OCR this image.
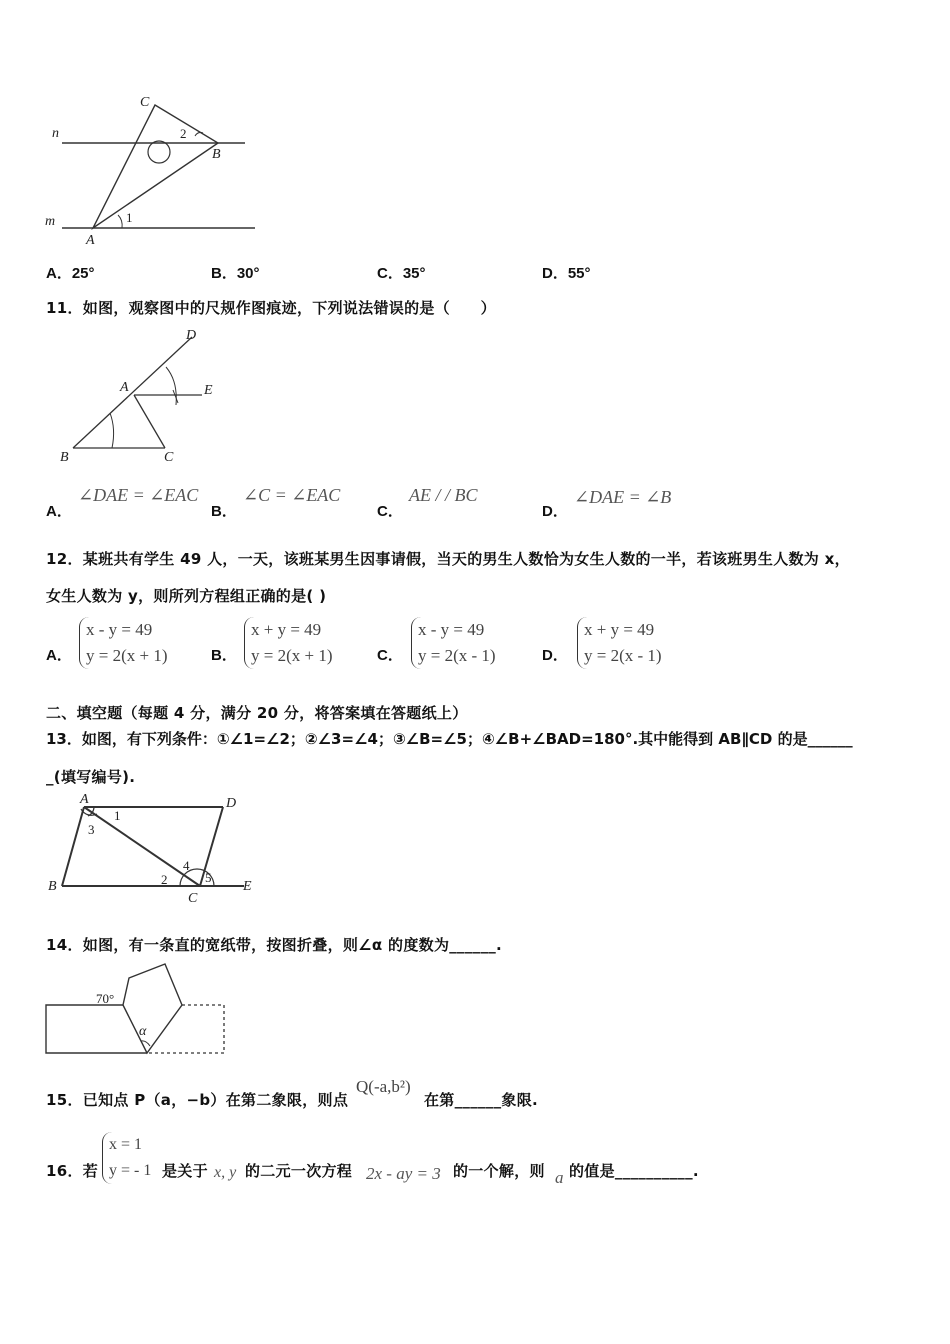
C
B
A
n
m	1
2
A．25°	B．30°	C．35°	D．55°
11．如图，观察图中的尺规作图痕迹，下列说法错误的是（　　）
D
A	E
B	C
A．
∠DAE = ∠EAC
B．
∠C = ∠EAC
C．
AE / / BC
D．
∠DAE = ∠B
12．某班共有学生 49 人，一天，该班某男生因事请假，当天的男生人数恰为女生人数的一半，若该班男生人数为 x，
女生人数为 y，则所列方程组正确的是( )
A．
x - y = 49
y = 2(x + 1)	B．
x + y = 49
y = 2(x + 1)	C．
x - y = 49
y = 2(x - 1)	D．
x + y = 49
y = 2(x - 1)
二、填空题（每题 4 分，满分 20 分，将答案填在答题纸上）
13．如图，有下列条件：①∠1=∠2；②∠3=∠4；③∠B=∠5；④∠B+∠BAD=180°.其中能得到 AB∥CD 的是______
_(填写编号).
A	D
B
C
E
1
3
2
4
5
14．如图，有一条直的宽纸带，按图折叠，则∠α 的度数为______.
70°
α
15．已知点 P（a，−b）在第二象限，则点
Q(-a,b²)
在第______象限.
16．若
x = 1
y = - 1 是关于 x, y 的二元一次方程 2x - ay = 3 的一个解，则 a 的值是__________.
